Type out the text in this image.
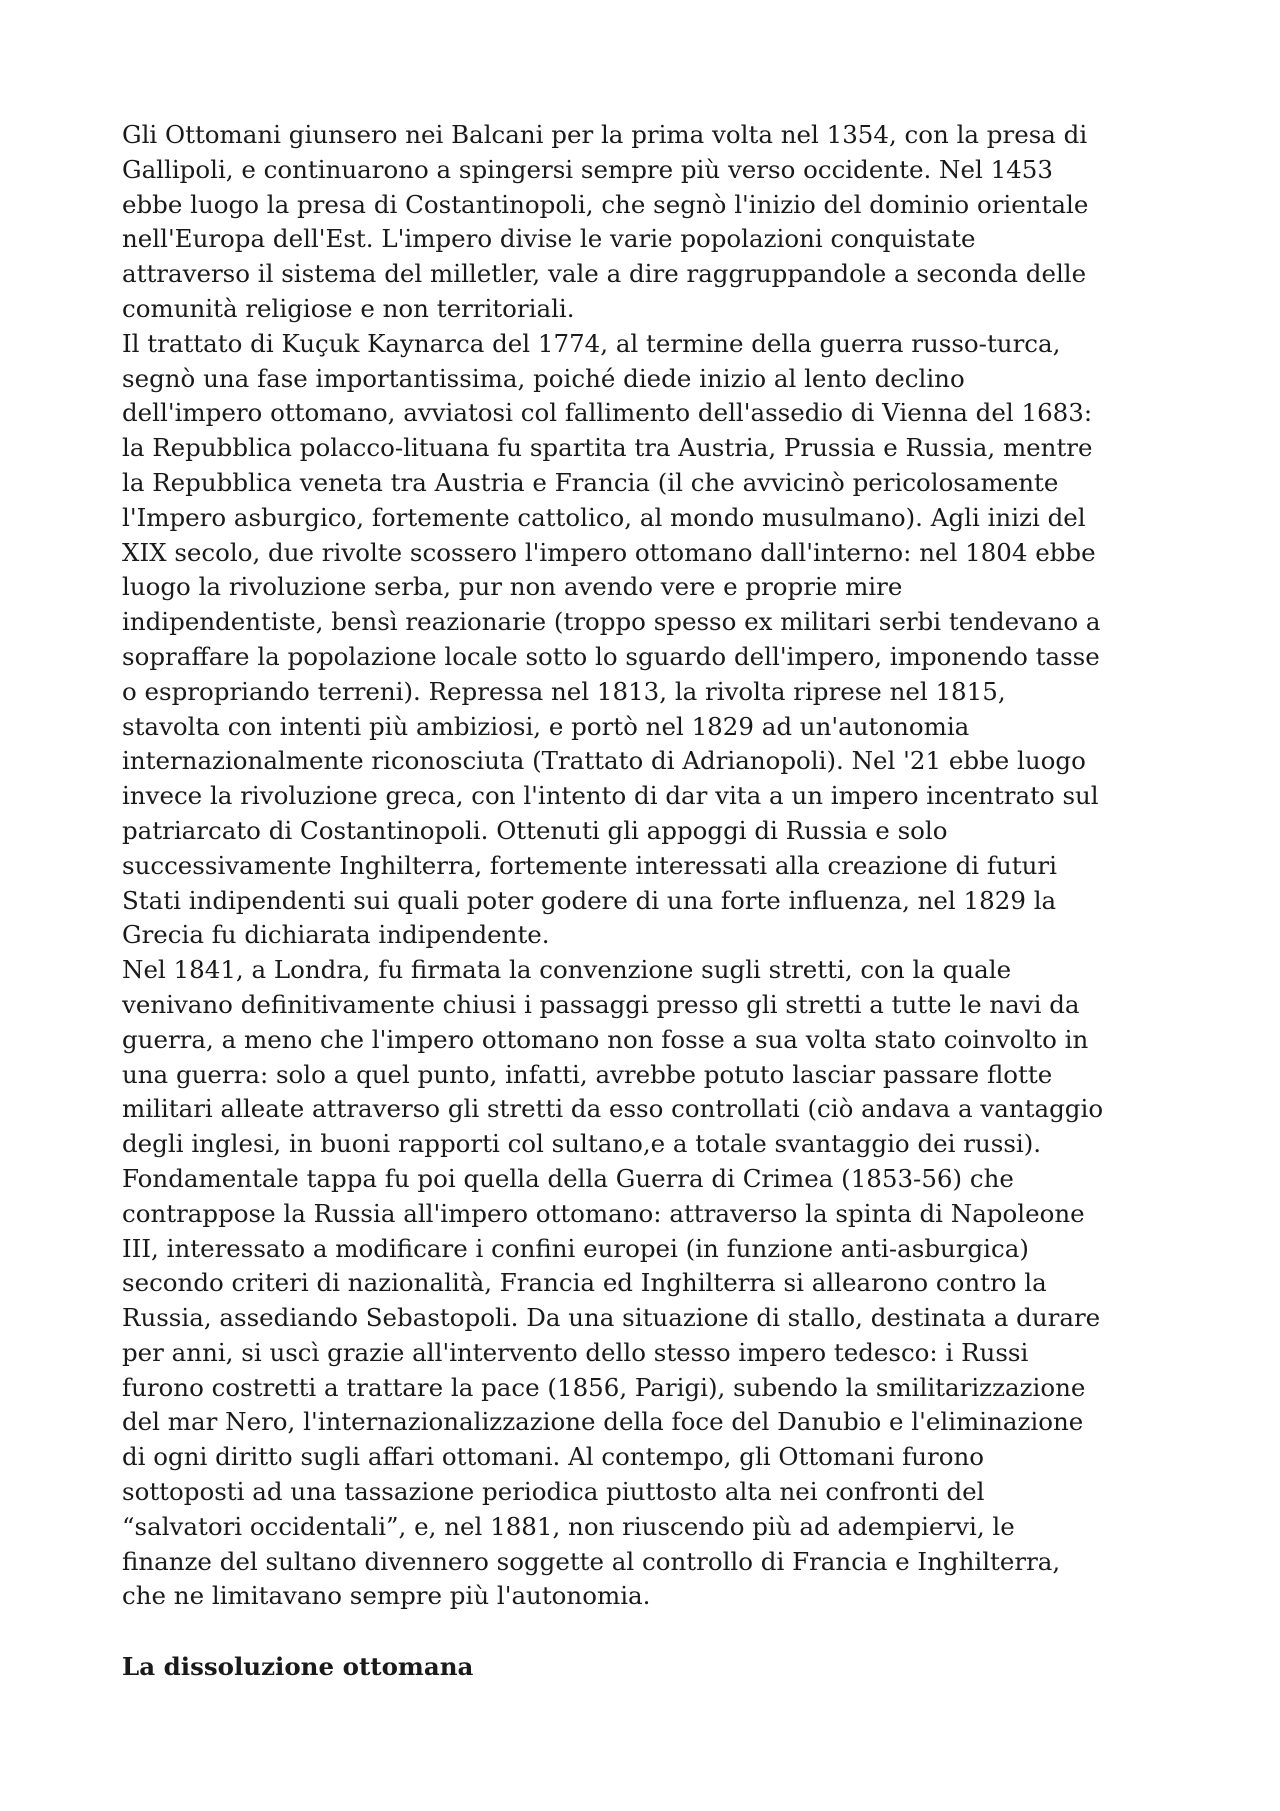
Gli Ottomani giunsero nei Balcani per la prima volta nel 1354, con la presa di
Gallipoli, e continuarono a spingersi sempre più verso occidente. Nel 1453
ebbe luogo la presa di Costantinopoli, che segnò l'inizio del dominio orientale
nell'Europa dell'Est. L'impero divise le varie popolazioni conquistate
attraverso il sistema del milletler, vale a dire raggruppandole a seconda delle
comunità religiose e non territoriali.
Il trattato di Kuçuk Kaynarca del 1774, al termine della guerra russo-turca,
segnò una fase importantissima, poiché diede inizio al lento declino
dell'impero ottomano, avviatosi col fallimento dell'assedio di Vienna del 1683:
la Repubblica polacco-lituana fu spartita tra Austria, Prussia e Russia, mentre
la Repubblica veneta tra Austria e Francia (il che avvicinò pericolosamente
l'Impero asburgico, fortemente cattolico, al mondo musulmano). Agli inizi del
XIX secolo, due rivolte scossero l'impero ottomano dall'interno: nel 1804 ebbe
luogo la rivoluzione serba, pur non avendo vere e proprie mire
indipendentiste, bensì reazionarie (troppo spesso ex militari serbi tendevano a
sopraffare la popolazione locale sotto lo sguardo dell'impero, imponendo tasse
o espropriando terreni). Repressa nel 1813, la rivolta riprese nel 1815,
stavolta con intenti più ambiziosi, e portò nel 1829 ad un'autonomia
internazionalmente riconosciuta (Trattato di Adrianopoli). Nel '21 ebbe luogo
invece la rivoluzione greca, con l'intento di dar vita a un impero incentrato sul
patriarcato di Costantinopoli. Ottenuti gli appoggi di Russia e solo
successivamente Inghilterra, fortemente interessati alla creazione di futuri
Stati indipendenti sui quali poter godere di una forte influenza, nel 1829 la
Grecia fu dichiarata indipendente.
Nel 1841, a Londra, fu firmata la convenzione sugli stretti, con la quale
venivano definitivamente chiusi i passaggi presso gli stretti a tutte le navi da
guerra, a meno che l'impero ottomano non fosse a sua volta stato coinvolto in
una guerra: solo a quel punto, infatti, avrebbe potuto lasciar passare flotte
militari alleate attraverso gli stretti da esso controllati (ciò andava a vantaggio
degli inglesi, in buoni rapporti col sultano,e a totale svantaggio dei russi).
Fondamentale tappa fu poi quella della Guerra di Crimea (1853-56) che
contrappose la Russia all'impero ottomano: attraverso la spinta di Napoleone
III, interessato a modificare i confini europei (in funzione anti-asburgica)
secondo criteri di nazionalità, Francia ed Inghilterra si allearono contro la
Russia, assediando Sebastopoli. Da una situazione di stallo, destinata a durare
per anni, si uscì grazie all'intervento dello stesso impero tedesco: i Russi
furono costretti a trattare la pace (1856, Parigi), subendo la smilitarizzazione
del mar Nero, l'internazionalizzazione della foce del Danubio e l'eliminazione
di ogni diritto sugli affari ottomani. Al contempo, gli Ottomani furono
sottoposti ad una tassazione periodica piuttosto alta nei confronti del
“salvatori occidentali”, e, nel 1881, non riuscendo più ad adempiervi, le
finanze del sultano divennero soggette al controllo di Francia e Inghilterra,
che ne limitavano sempre più l'autonomia.
La dissoluzione ottomana
